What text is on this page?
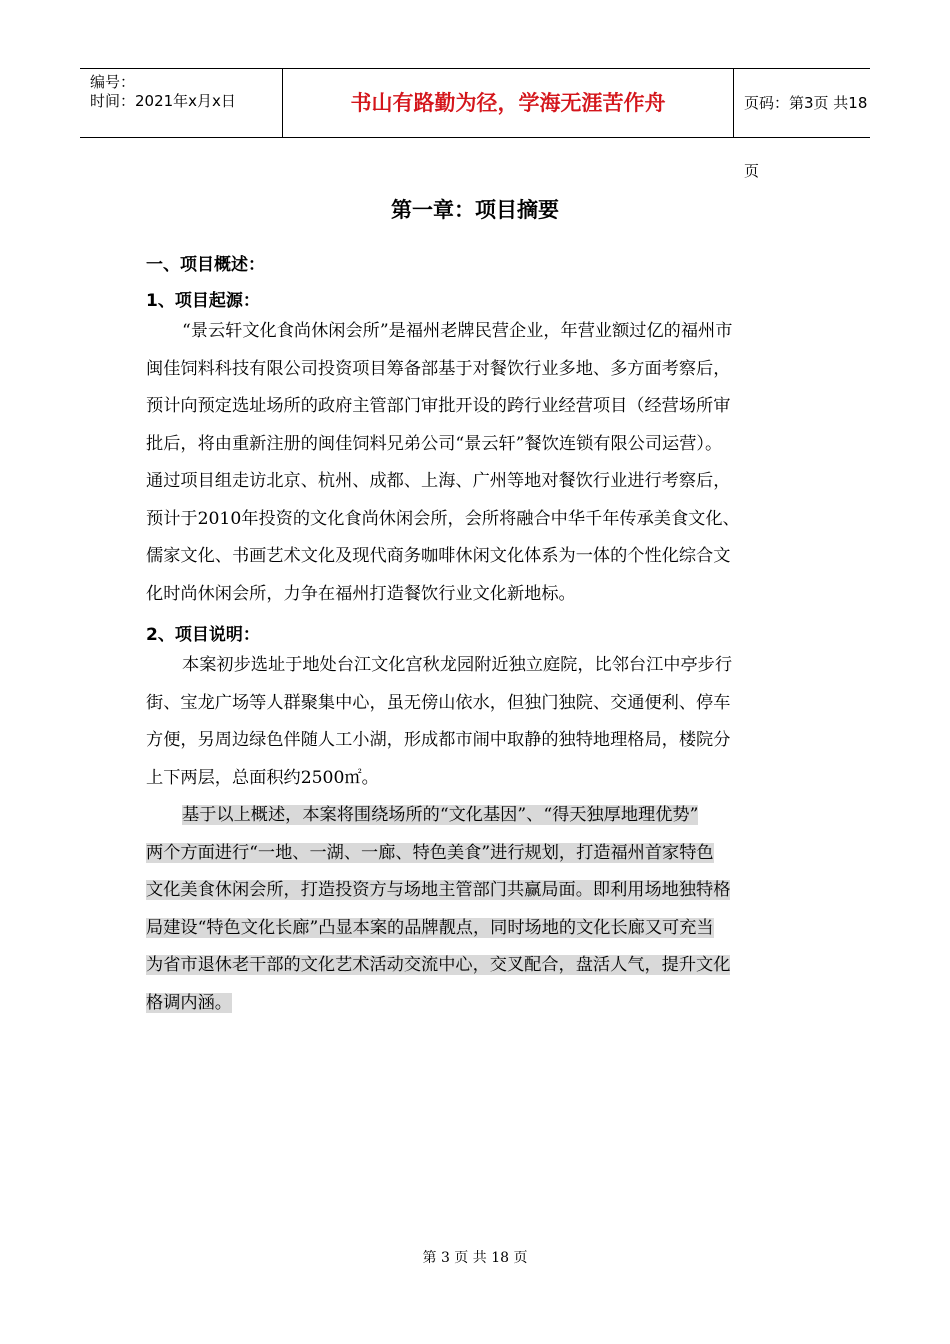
编号：
时间：2021年x月x日	书山有路勤为径，学海无涯苦作舟	页码：第3页 共18页
第一章：项目摘要
一、项目概述：
1、项目起源：
“景云轩文化食尚休闲会所”是福州老牌民营企业，年营业额过亿的福州市
闽佳饲料科技有限公司投资项目筹备部基于对餐饮行业多地、多方面考察后，
预计向预定选址场所的政府主管部门审批开设的跨行业经营项目（经营场所审
批后，将由重新注册的闽佳饲料兄弟公司“景云轩”餐饮连锁有限公司运营）。
通过项目组走访北京、杭州、成都、上海、广州等地对餐饮行业进行考察后，
预计于2010年投资的文化食尚休闲会所，会所将融合中华千年传承美食文化、
儒家文化、书画艺术文化及现代商务咖啡休闲文化体系为一体的个性化综合文
化时尚休闲会所，力争在福州打造餐饮行业文化新地标。
2、项目说明：
本案初步选址于地处台江文化宫秋龙园附近独立庭院，比邻台江中亭步行
街、宝龙广场等人群聚集中心，虽无傍山依水，但独门独院、交通便利、停车
方便，另周边绿色伴随人工小湖，形成都市闹中取静的独特地理格局，楼院分
上下两层，总面积约2500㎡。
基于以上概述，本案将围绕场所的“文化基因”、“得天独厚地理优势”
两个方面进行“一地、一湖、一廊、特色美食”进行规划，打造福州首家特色
文化美食休闲会所，打造投资方与场地主管部门共赢局面。即利用场地独特格
局建设“特色文化长廊”凸显本案的品牌靓点，同时场地的文化长廊又可充当
为省市退休老干部的文化艺术活动交流中心，交叉配合，盘活人气，提升文化
格调内涵。
第 3 页 共 18 页
